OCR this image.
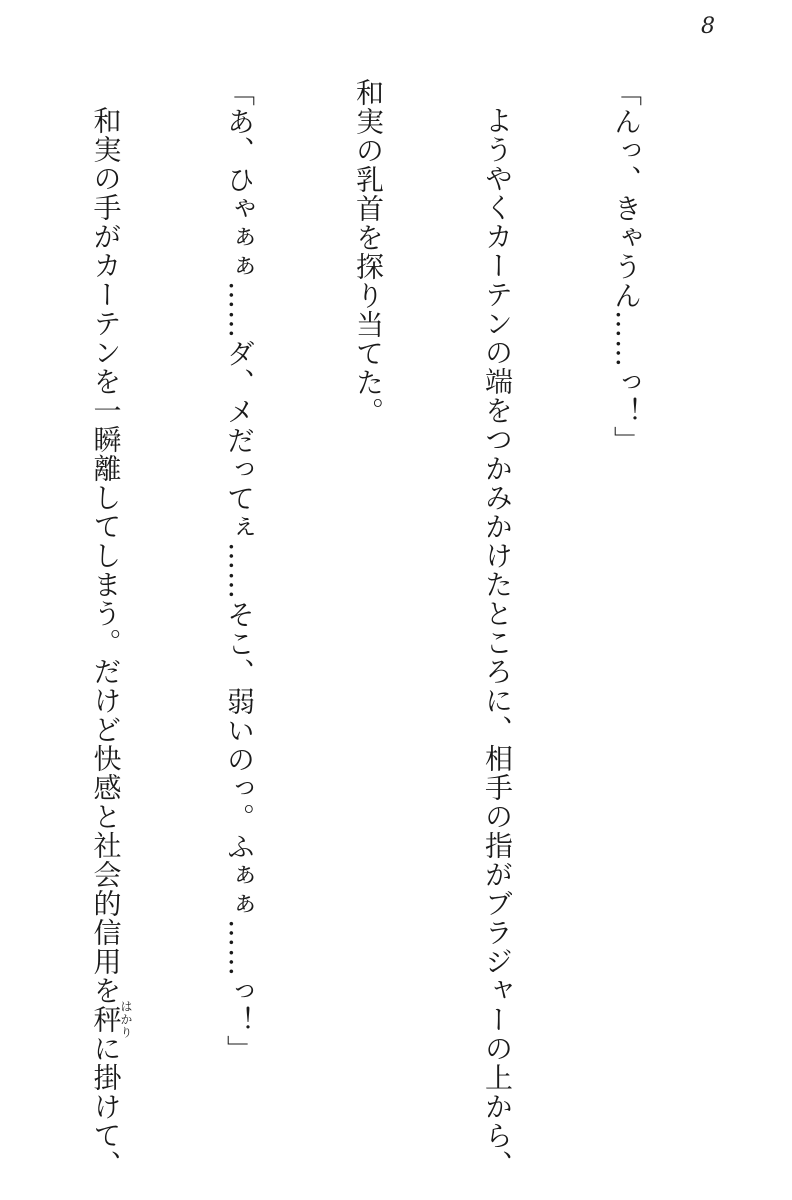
8

「んっ、きゃうん……っ！」

ようやくカーテンの端をつかみかけたところに、相手の指がブラジャーの上から、

和実の乳首を探り当てた。

「あ、ひゃぁぁ……ダ、メだってぇ……そこ、弱いのっ。ふぁぁ……っ！」

和実の手がカーテンを一瞬離してしまう。だけど快感と社会的信用を秤はかりに掛けて、
